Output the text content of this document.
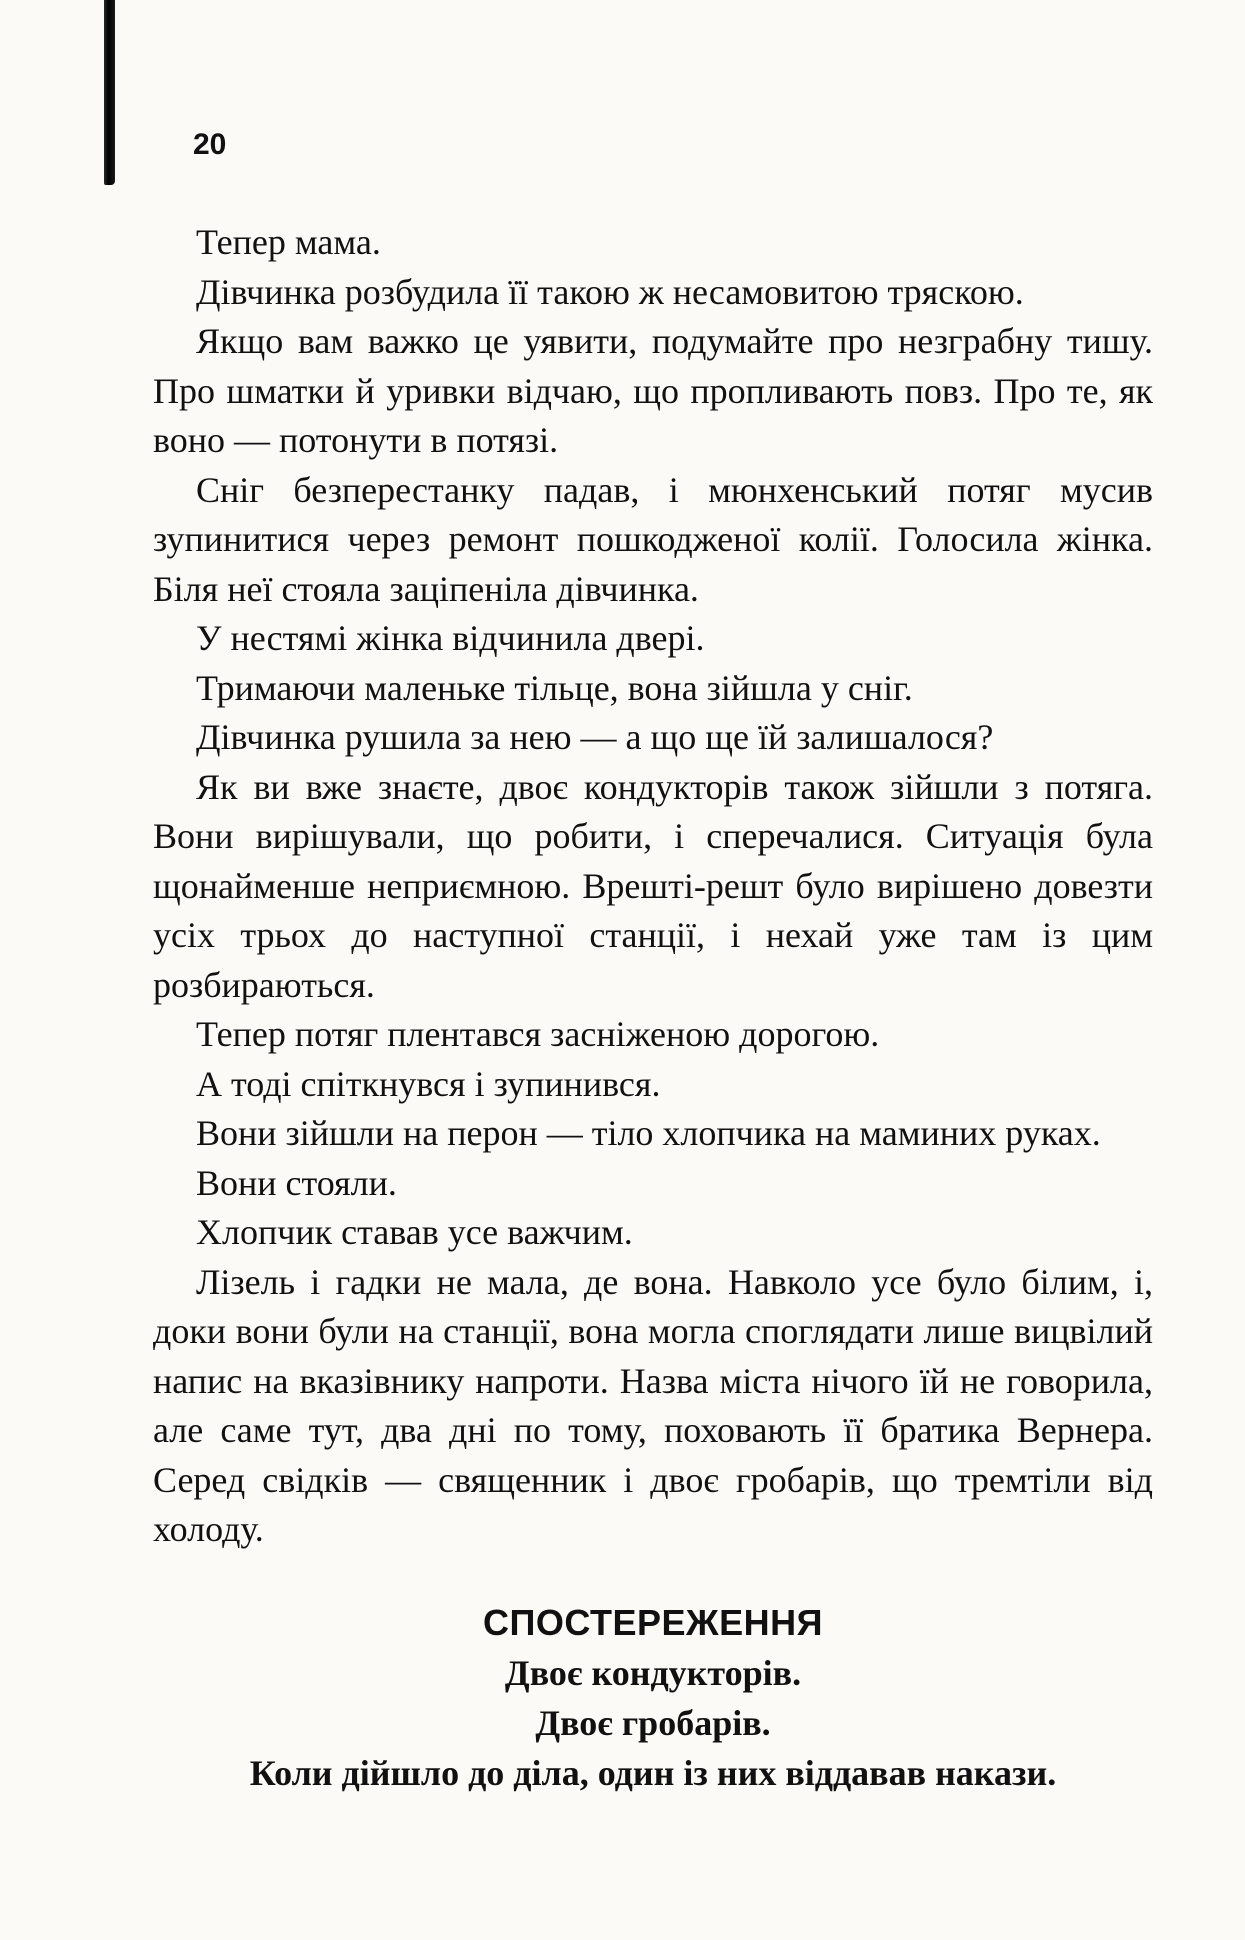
20

Тепер мама.

Дівчинка розбудила її такою ж несамовитою тряскою.

Якщо вам важко це уявити, подумайте про незграбну тишу. Про шматки й уривки відчаю, що пропливають повз. Про те, як воно — потонути в потязі.

Сніг безперестанку падав, і мюнхенський потяг мусив зупинитися через ремонт пошкодженої колії. Голосила жінка. Біля неї стояла заціпеніла дівчинка.

У нестямі жінка відчинила двері.

Тримаючи маленьке тільце, вона зійшла у сніг.

Дівчинка рушила за нею — а що ще їй залишалося?

Як ви вже знаєте, двоє кондукторів також зійшли з потяга. Вони вирішували, що робити, і сперечалися. Ситуація була щонайменше неприємною. Врешті-решт було вирішено довезти усіх трьох до наступної станції, і нехай уже там із цим розбираються.

Тепер потяг плентався засніженою дорогою.

А тоді спіткнувся і зупинився.

Вони зійшли на перон — тіло хлопчика на маминих руках.

Вони стояли.

Хлопчик ставав усе важчим.

Лізель і гадки не мала, де вона. Навколо усе було білим, і, доки вони були на станції, вона могла споглядати лише вицвілий напис на вказівнику напроти. Назва міста нічого їй не говорила, але саме тут, два дні по тому, поховають її братика Вернера. Серед свідків — священник і двоє гробарів, що тремтіли від холоду.

СПОСТЕРЕЖЕННЯ
Двоє кондукторів.
Двоє гробарів.
Коли дійшло до діла, один із них віддавав накази.
